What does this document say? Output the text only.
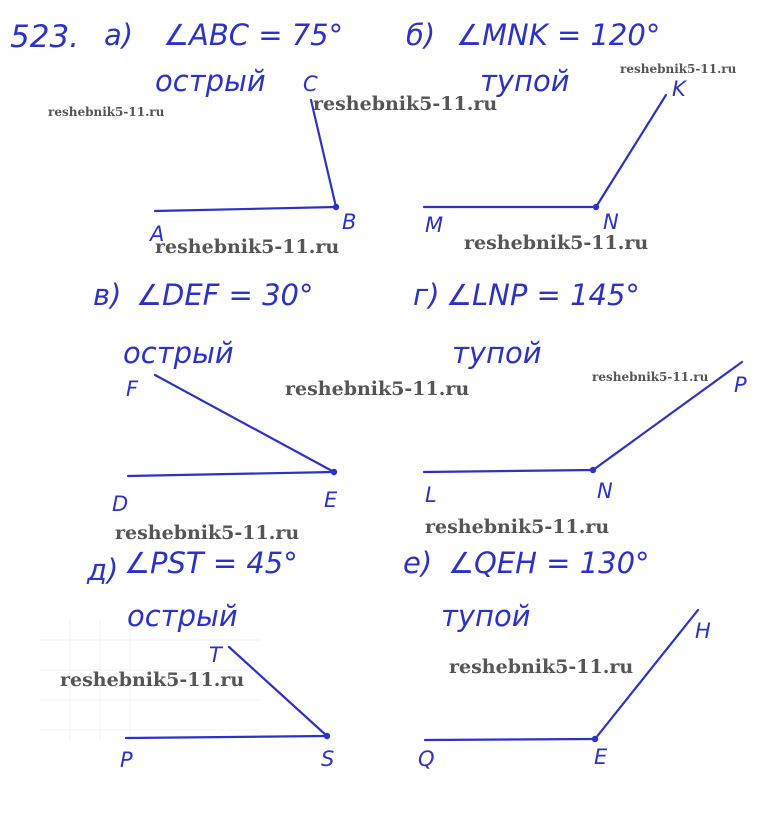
523. а) ∠ABC = 75°
острый
A	B
C
б) ∠MNK = 120°
тупой
M	N
K
в) ∠DEF = 30°
острый
D	E
F
г) ∠LNP = 145°
тупой
L	N
P
д) ∠PST = 45°
острый
P	S
T
е) ∠QEH = 130°
тупой
Q	E
H
reshebnik5-11.ru
reshebnik5-11.ru
reshebnik5-11.ru
reshebnik5-11.ru	reshebnik5-11.ru
reshebnik5-11.ru
reshebnik5-11.ru
reshebnik5-11.ru	reshebnik5-11.ru
reshebnik5-11.ru
reshebnik5-11.ru
